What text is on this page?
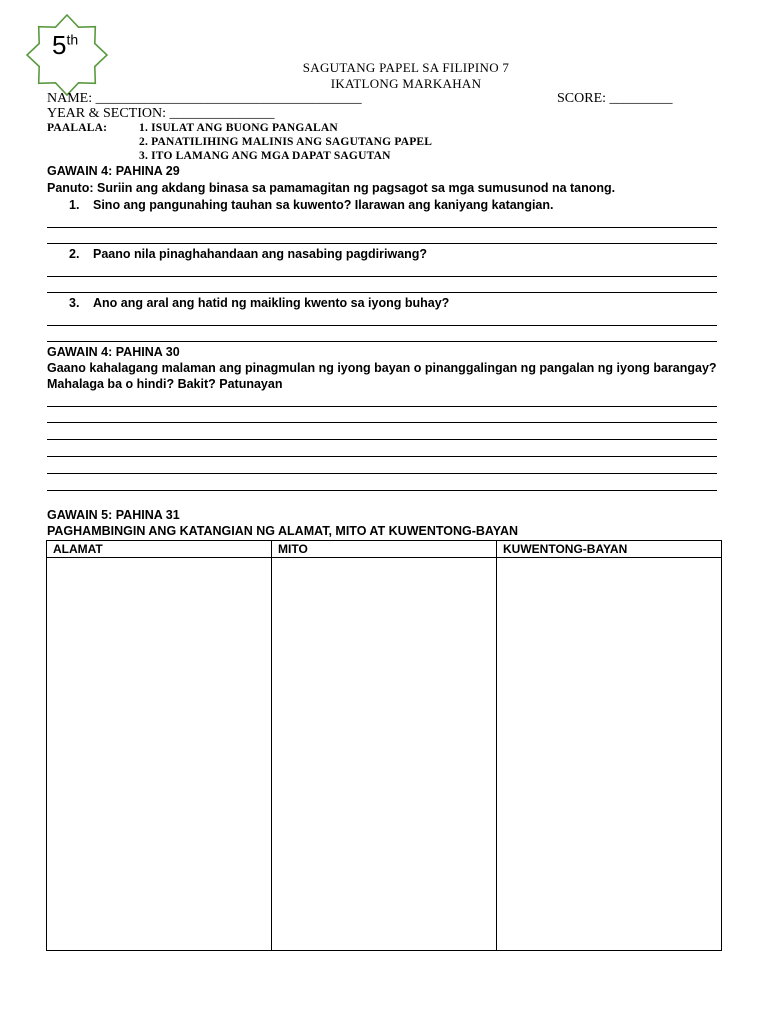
5th
SAGUTANG PAPEL SA FILIPINO 7
IKATLONG MARKAHAN
NAME: ______________________________________	SCORE: _________
YEAR & SECTION: _______________
PAALALA:	1. ISULAT ANG BUONG PANGALAN
2. PANATILIHING MALINIS ANG SAGUTANG PAPEL
3. ITO LAMANG ANG MGA DAPAT SAGUTAN
GAWAIN 4: PAHINA 29
Panuto: Suriin ang akdang binasa sa pamamagitan ng pagsagot sa mga sumusunod na tanong.
1. Sino ang pangunahing tauhan sa kuwento? Ilarawan ang kaniyang katangian.
2. Paano nila pinaghahandaan ang nasabing pagdiriwang?
3. Ano ang aral ang hatid ng maikling kwento sa iyong buhay?
GAWAIN 4: PAHINA 30
Gaano kahalagang malaman ang pinagmulan ng iyong bayan o pinanggalingan ng pangalan ng iyong barangay?
Mahalaga ba o hindi? Bakit? Patunayan
GAWAIN 5: PAHINA 31
PAGHAMBINGIN ANG KATANGIAN NG ALAMAT, MITO AT KUWENTONG-BAYAN
ALAMAT	MITO	KUWENTONG-BAYAN
